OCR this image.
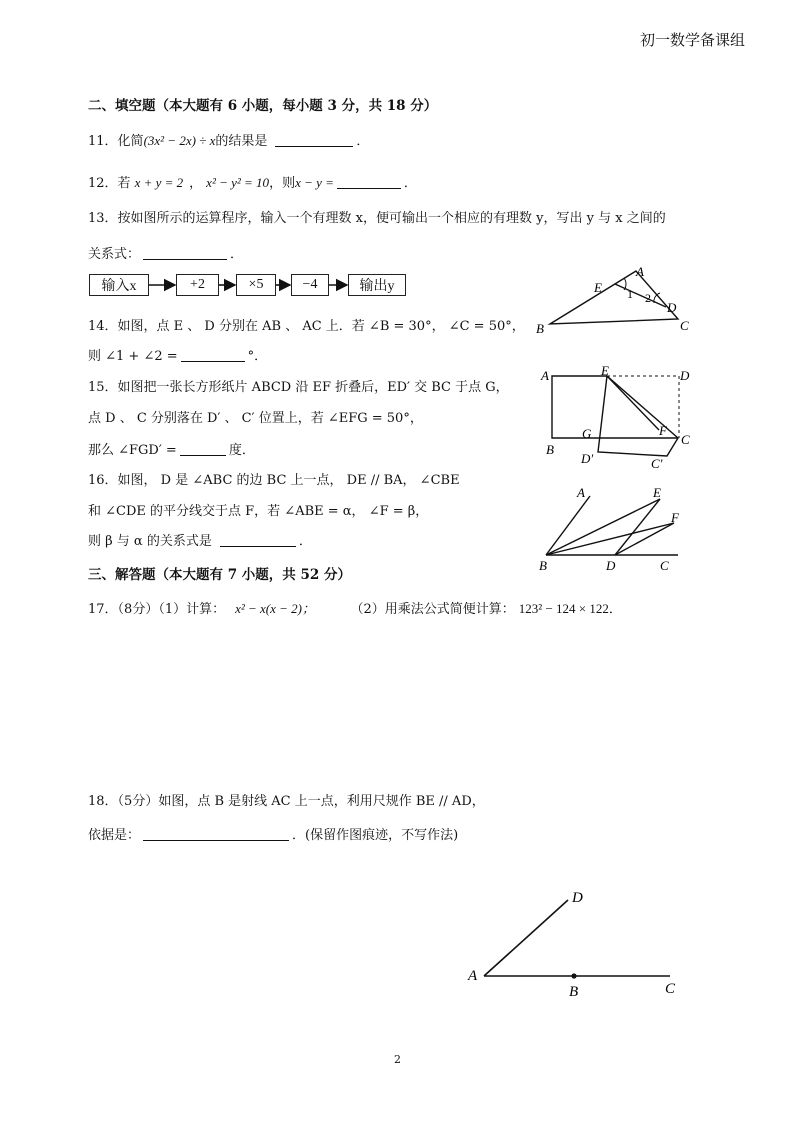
初一数学备课组
二、填空题（本大题有 6 小题，每小题 3 分，共 18 分）
11．化简(3x² − 2x) ÷ x的结果是	．
12．若 x + y = 2 ， x² − y² = 10，则x − y =	．
13．按如图所示的运算程序，输入一个有理数 x，便可输出一个相应的有理数 y，写出 y 与 x 之间的
关系式：	．
输入x	+2	×5	−4	输出y
14．如图，点 E 、 D 分别在 AB 、 AC 上．若 ∠B = 30°， ∠C = 50°，
则 ∠1 + ∠2 =	°．
A
E 1 2
D
B	C
15．如图把一张长方形纸片 ABCD 沿 EF 折叠后，ED′ 交 BC 于点 G，
点 D 、 C 分别落在 D′ 、 C′ 位置上，若 ∠EFG = 50°，
那么 ∠FGD′ =	度．
A	E	D
G	F
C
B
D′	C′
16．如图， D 是 ∠ABC 的边 BC 上一点， DE // BA， ∠CBE
和 ∠CDE 的平分线交于点 F，若 ∠ABE = α， ∠F = β，
则 β 与 α 的关系式是	．
A	E
F
B	D	C
三、解答题（本大题有 7 小题，共 52 分）
17．（8分）（1）计算： x² − x(x − 2)；	（2）用乘法公式简便计算： 123² − 124 × 122．
18．（5分）如图，点 B 是射线 AC 上一点，利用尺规作 BE // AD，
依据是：	．(保留作图痕迹，不写作法)
A
B	C
D
2
